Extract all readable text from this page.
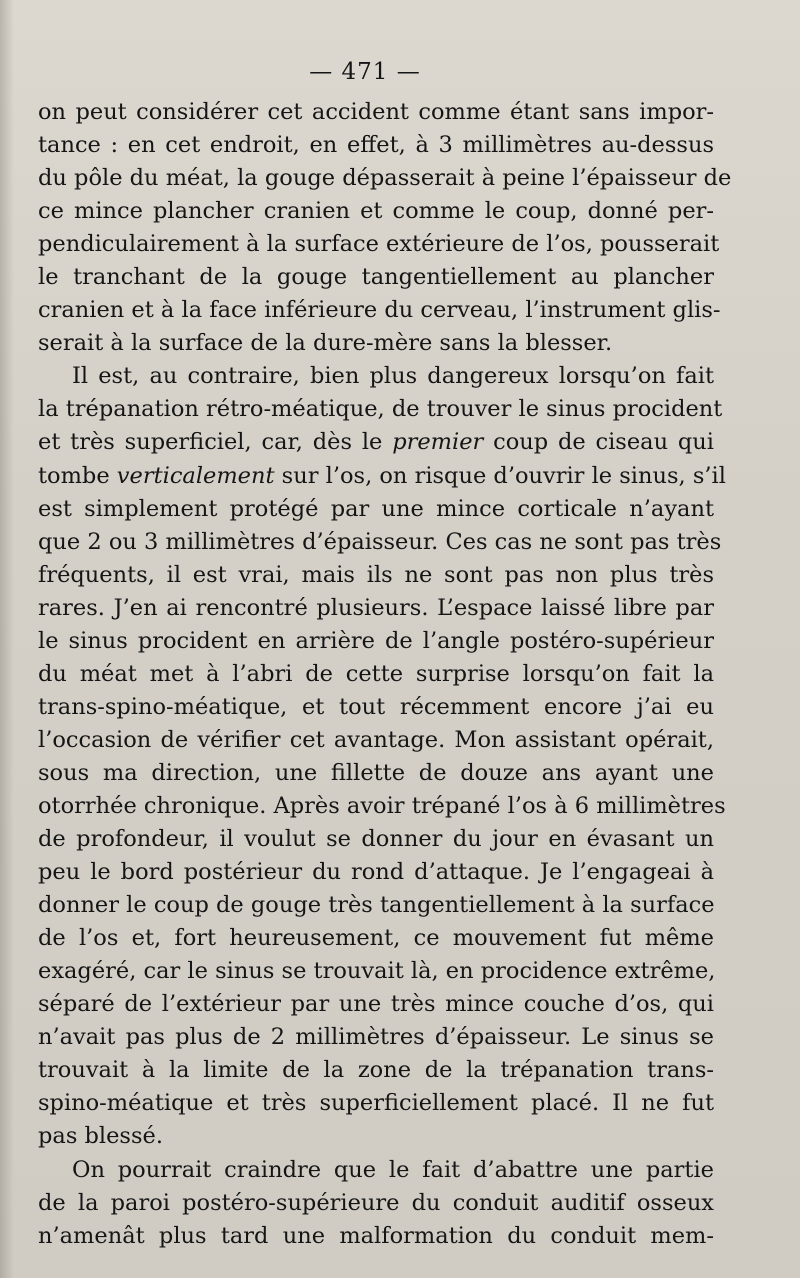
— 471 —
on peut considérer cet accident comme étant sans impor-
tance : en cet endroit, en effet, à 3 millimètres au-dessus
du pôle du méat, la gouge dépasserait à peine l’épaisseur de
ce mince plancher cranien et comme le coup, donné per-
pendiculairement à la surface extérieure de l’os, pousserait
le tranchant de la gouge tangentiellement au plancher
cranien et à la face inférieure du cerveau, l’instrument glis-
serait à la surface de la dure-mère sans la blesser.
Il est, au contraire, bien plus dangereux lorsqu’on fait
la trépanation rétro-méatique, de trouver le sinus procident
et très superficiel, car, dès le premier coup de ciseau qui
tombe verticalement sur l’os, on risque d’ouvrir le sinus, s’il
est simplement protégé par une mince corticale n’ayant
que 2 ou 3 millimètres d’épaisseur. Ces cas ne sont pas très
fréquents, il est vrai, mais ils ne sont pas non plus très
rares. J’en ai rencontré plusieurs. L’espace laissé libre par
le sinus procident en arrière de l’angle postéro-supérieur
du méat met à l’abri de cette surprise lorsqu’on fait la
trans-spino-méatique, et tout récemment encore j’ai eu
l’occasion de vérifier cet avantage. Mon assistant opérait,
sous ma direction, une fillette de douze ans ayant une
otorrhée chronique. Après avoir trépané l’os à 6 millimètres
de profondeur, il voulut se donner du jour en évasant un
peu le bord postérieur du rond d’attaque. Je l’engageai à
donner le coup de gouge très tangentiellement à la surface
de l’os et, fort heureusement, ce mouvement fut même
exagéré, car le sinus se trouvait là, en procidence extrême,
séparé de l’extérieur par une très mince couche d’os, qui
n’avait pas plus de 2 millimètres d’épaisseur. Le sinus se
trouvait à la limite de la zone de la trépanation trans-
spino-méatique et très superficiellement placé. Il ne fut
pas blessé.
On pourrait craindre que le fait d’abattre une partie
de la paroi postéro-supérieure du conduit auditif osseux
n’amenât plus tard une malformation du conduit mem-
